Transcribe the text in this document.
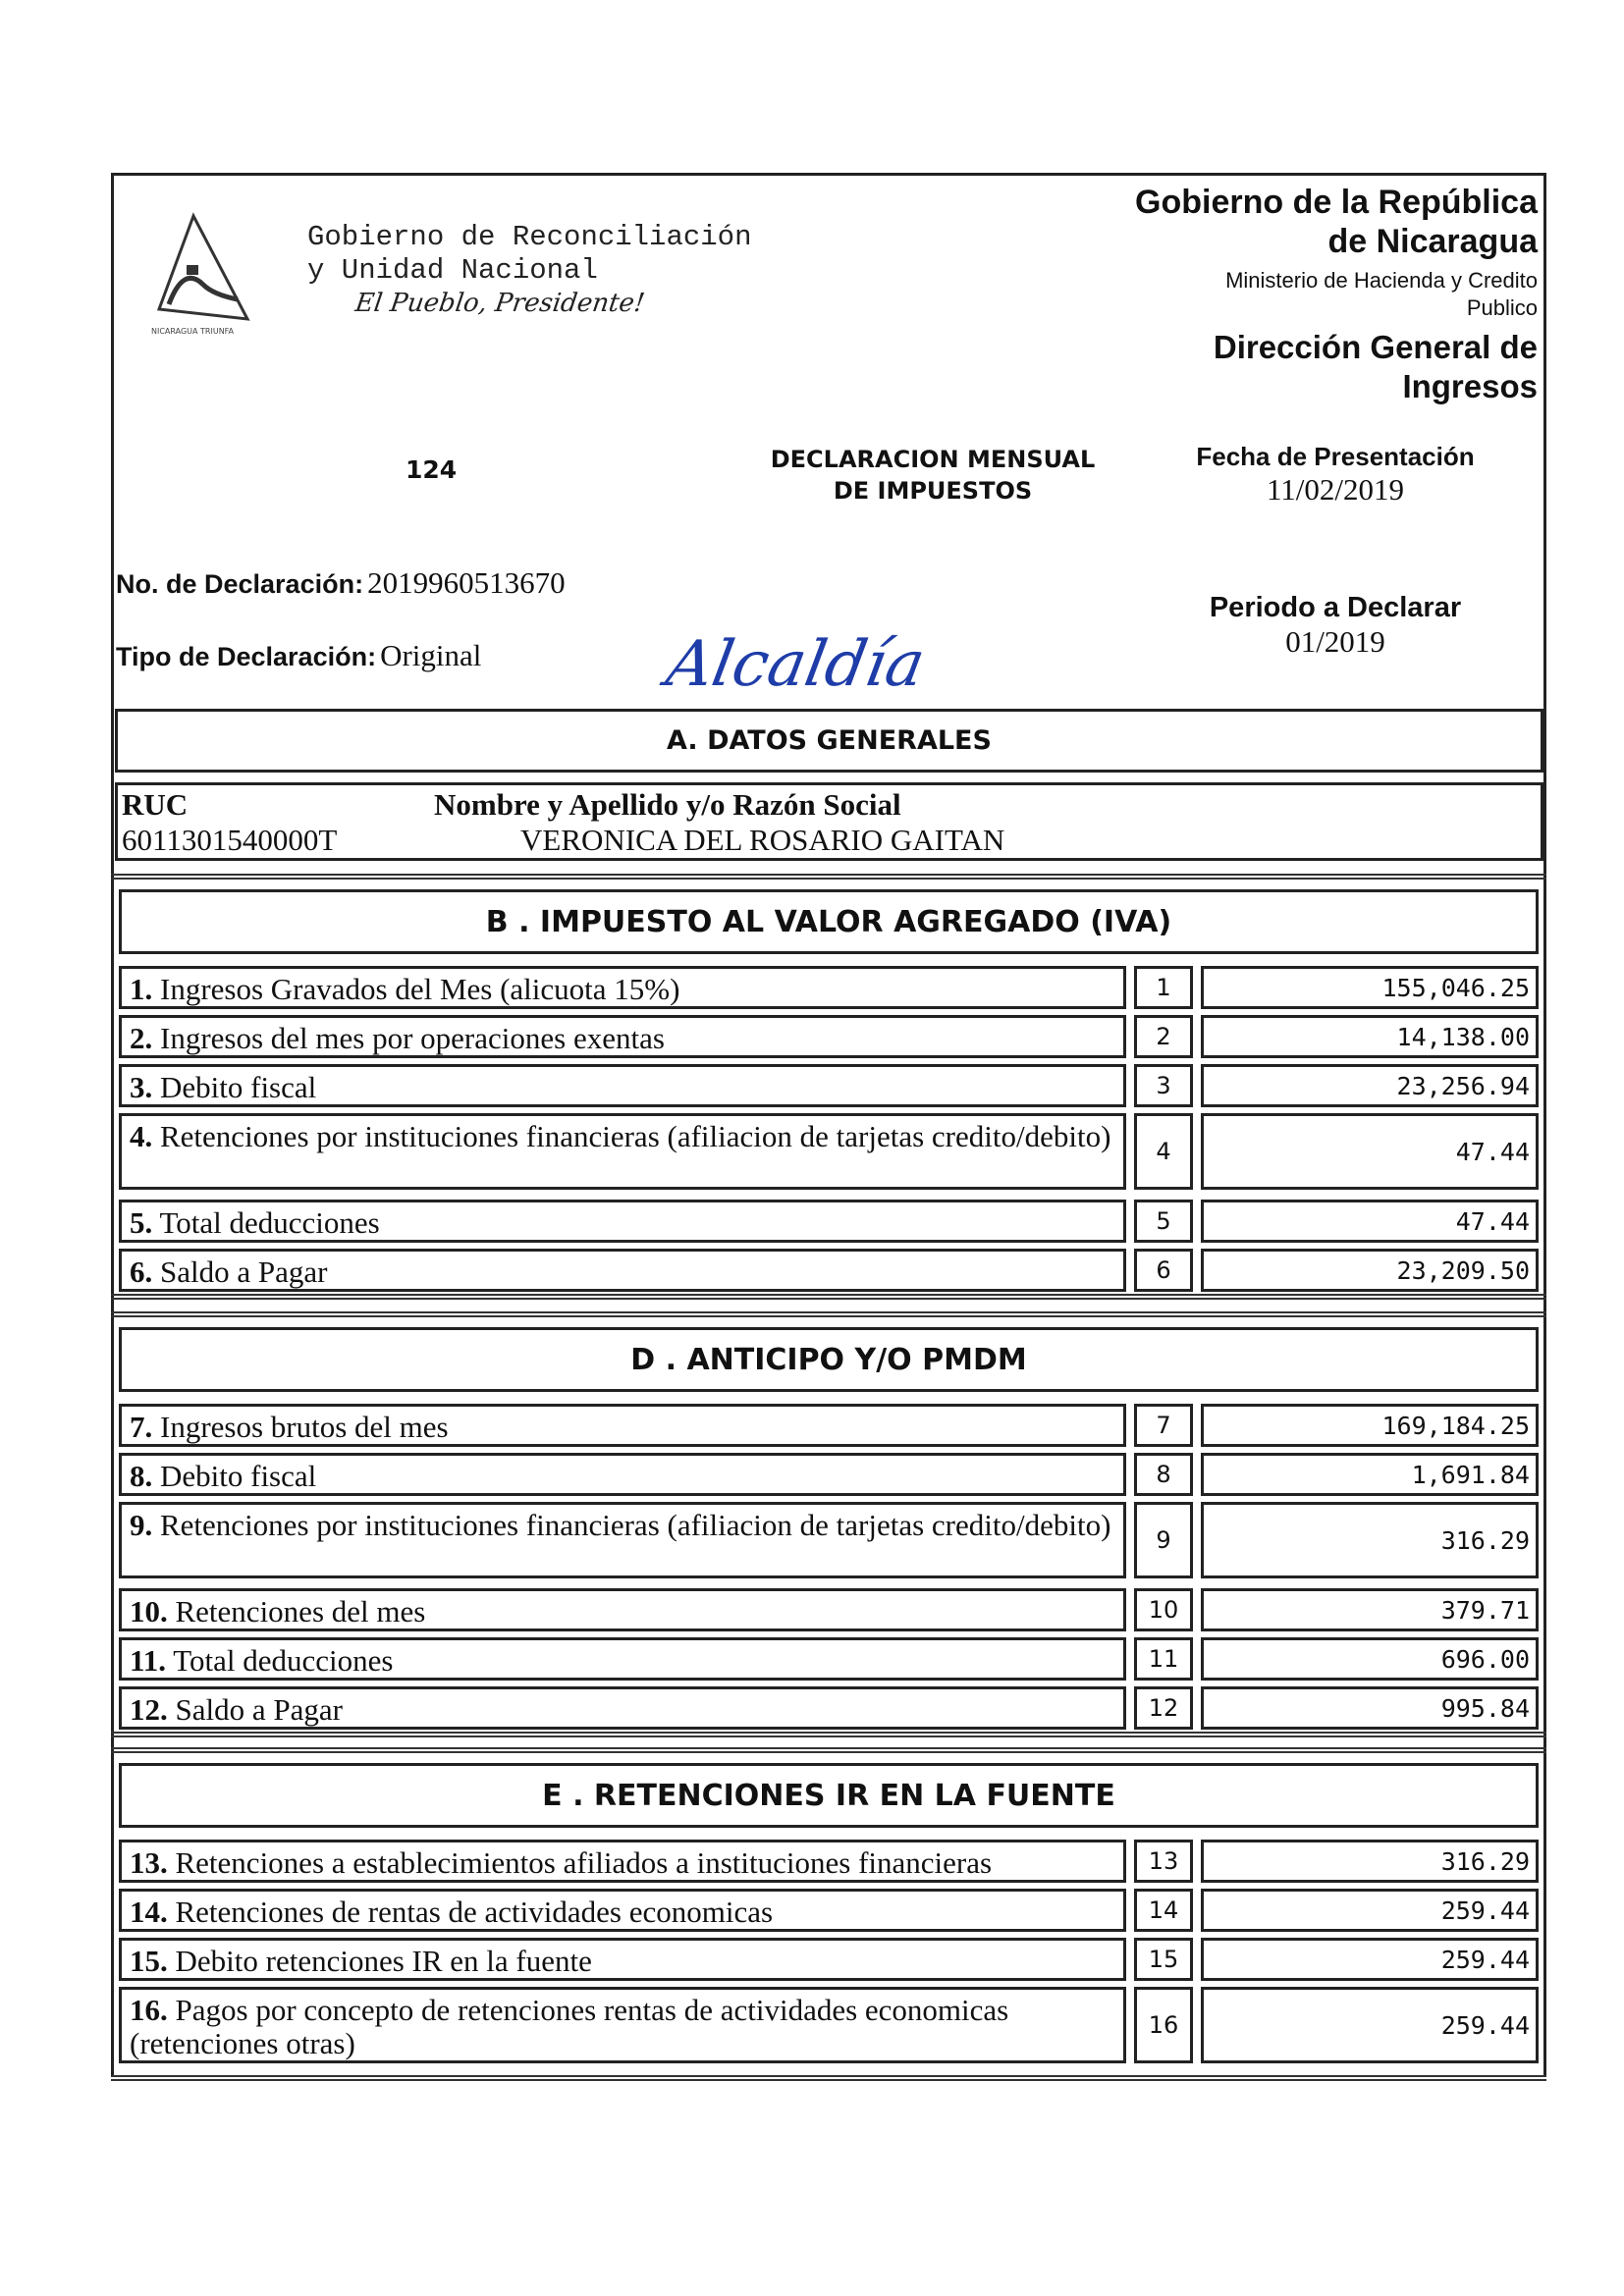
NICARAGUA TRIUNFA
Gobierno de Reconciliación
y Unidad Nacional
El Pueblo, Presidente!
Gobierno de la República
de Nicaragua
Ministerio de Hacienda y Credito
Publico
Dirección General de
Ingresos
124	DECLARACION MENSUAL
DE IMPUESTOS
Fecha de Presentación
11/02/2019
No. de Declaración: 2019960513670
Tipo de Declaración: Original	Alcaldía
Periodo a Declarar
01/2019
A. DATOS GENERALES
RUC
6011301540000T
Nombre y Apellido y/o Razón Social
VERONICA DEL ROSARIO GAITAN
B . IMPUESTO AL VALOR AGREGADO (IVA)
1. Ingresos Gravados del Mes (alicuota 15%)	1	155,046.25
2. Ingresos del mes por operaciones exentas	2	14,138.00
3. Debito fiscal	3	23,256.94
4. Retenciones por instituciones financieras (afiliacion de tarjetas credito/debito)	4	47.44
5. Total deducciones	5	47.44
6. Saldo a Pagar	6	23,209.50
D . ANTICIPO Y/O PMDM
7. Ingresos brutos del mes	7	169,184.25
8. Debito fiscal	8	1,691.84
9. Retenciones por instituciones financieras (afiliacion de tarjetas credito/debito)	9	316.29
10. Retenciones del mes	10	379.71
11. Total deducciones	11	696.00
12. Saldo a Pagar	12	995.84
E . RETENCIONES IR EN LA FUENTE
13. Retenciones a establecimientos afiliados a instituciones financieras	13	316.29
14. Retenciones de rentas de actividades economicas	14	259.44
15. Debito retenciones IR en la fuente	15	259.44
16. Pagos por concepto de retenciones rentas de actividades economicas (retenciones otras)
16	259.44
